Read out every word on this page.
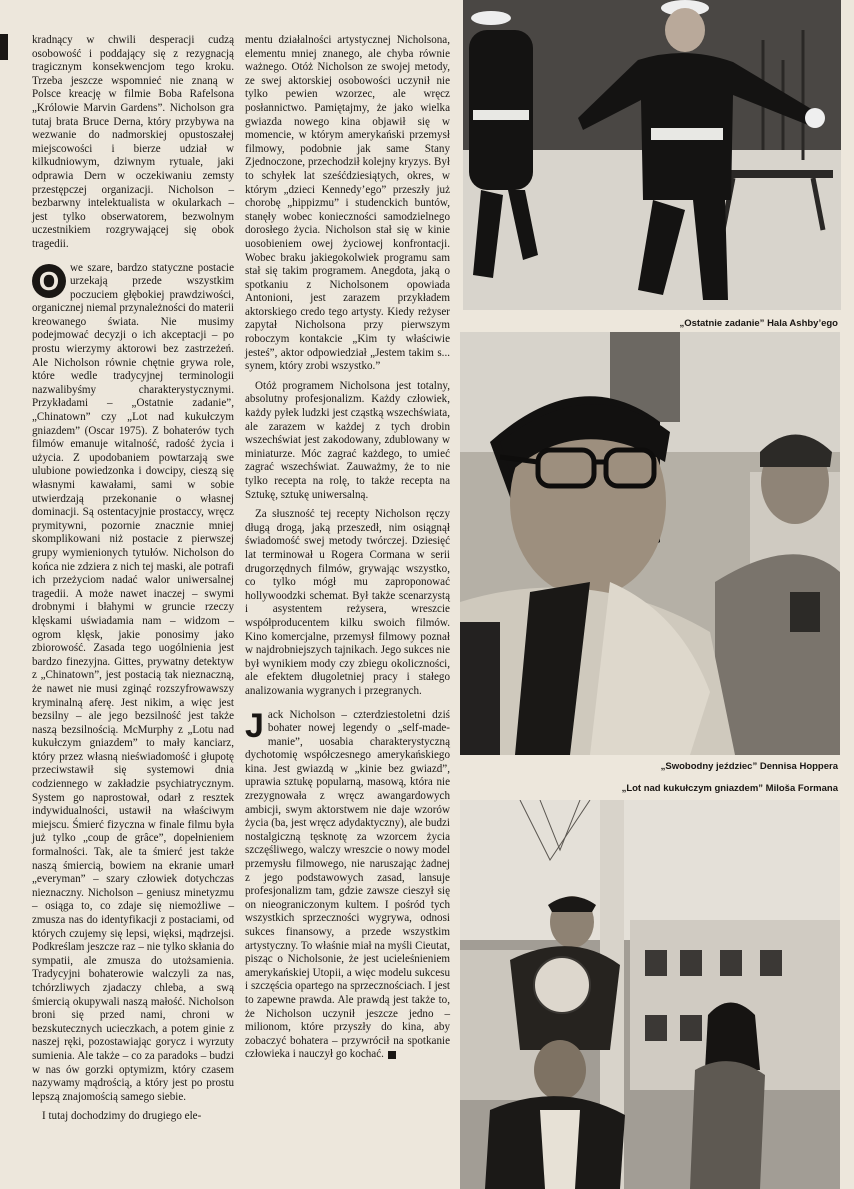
kradnący w chwili desperacji cudzą osobowość i poddający się z rezygnacją tragicznym konsekwencjom tego kroku. Trzeba jeszcze wspomnieć nie znaną w Polsce kreację w filmie Boba Rafelsona „Królowie Marvin Gardens”. Nicholson gra tutaj brata Bruce Derna, który przybywa na wezwanie do nadmorskiej opustoszałej miejscowości i bierze udział w kilkudniowym, dziwnym rytuale, jaki odprawia Dern w oczekiwaniu zemsty przestępczej organizacji. Nicholson – bezbarwny intelektualista w okularkach – jest tylko obserwatorem, bezwolnym uczestnikiem rozgrywającej się obok tragedii.

O we szare, bardzo statyczne postacie urzekają przede wszystkim poczuciem głębokiej prawdziwości, organicznej niemal przynależności do materii kreowanego świata. Nie musimy podejmować decyzji o ich akceptacji – po prostu wierzymy aktorowi bez zastrzeżeń. Ale Nicholson równie chętnie grywa role, które wedle tradycyjnej terminologii nazwalibyśmy charakterystycznymi. Przykładami – „Ostatnie zadanie”, „Chinatown” czy „Lot nad kukułczym gniazdem” (Oscar 1975). Z bohaterów tych filmów emanuje witalność, radość życia i użycia. Z upodobaniem powtarzają swe ulubione powiedzonka i dowcipy, cieszą się własnymi kawałami, sami w sobie utwierdzają przekonanie o własnej dominacji. Są ostentacyjnie prostaccy, wręcz prymitywni, pozornie znacznie mniej skomplikowani niż postacie z pierwszej grupy wymienionych tytułów. Nicholson do końca nie zdziera z nich tej maski, ale potrafi ich przeżyciom nadać walor uniwersalnej tragedii. A może nawet inaczej – swymi drobnymi i błahymi w gruncie rzeczy klęskami uświadamia nam – widzom – ogrom klęsk, jakie ponosimy jako zbiorowość. Zasada tego uogólnienia jest bardzo finezyjna. Gittes, prywatny detektyw z „Chinatown”, jest postacią tak nieznaczną, że nawet nie musi zginąć rozszyfrowawszy kryminalną aferę. Jest nikim, a więc jest bezsilny – ale jego bezsilność jest także naszą bezsilnością. McMurphy z „Lotu nad kukułczym gniazdem” to mały kanciarz, który przez własną nieświadomość i głupotę przeciwstawił się systemowi dnia codziennego w zakładzie psychiatrycznym. System go naprostował, odarł z resztek indywidualności, ustawił na właściwym miejscu. Śmierć fizyczna w finale filmu była już tylko „coup de grâce”, dopełnieniem formalności. Tak, ale ta śmierć jest także naszą śmiercią, bowiem na ekranie umarł „everyman” – szary człowiek dotychczas nieznaczny. Nicholson – geniusz minetyzmu – osiąga to, co zdaje się niemożliwe – zmusza nas do identyfikacji z postaciami, od których czujemy się lepsi, więksi, mądrzejsi. Podkreślam jeszcze raz – nie tylko skłania do sympatii, ale zmusza do utożsamienia. Tradycyjni bohaterowie walczyli za nas, tchórzliwych zjadaczy chleba, a swą śmiercią okupywali naszą małość. Nicholson broni się przed nami, chroni w bezskutecznych ucieczkach, a potem ginie z naszej ręki, pozostawiając gorycz i wyrzuty sumienia. Ale także – co za paradoks – budzi w nas ów gorzki optymizm, który czasem nazywamy mądrością, a który jest po prostu lepszą znajomością samego siebie.

I tutaj dochodzimy do drugiego ele-

mentu działalności artystycznej Nicholsona, elementu mniej znanego, ale chyba równie ważnego. Otóż Nicholson ze swojej metody, ze swej aktorskiej osobowości uczynił nie tylko pewien wzorzec, ale wręcz posłannictwo. Pamiętajmy, że jako wielka gwiazda nowego kina objawił się w momencie, w którym amerykański przemysł filmowy, podobnie jak same Stany Zjednoczone, przechodził kolejny kryzys. Był to schyłek lat sześćdziesiątych, okres, w którym „dzieci Kennedy’ego” przeszły już chorobę „hippizmu” i studenckich buntów, stanęły wobec konieczności samodzielnego dorosłego życia. Nicholson stał się w kinie uosobieniem owej życiowej konfrontacji. Wobec braku jakiegokolwiek programu sam stał się takim programem. Anegdota, jaką o spotkaniu z Nicholsonem opowiada Antonioni, jest zarazem przykładem aktorskiego credo tego artysty. Kiedy reżyser zapytał Nicholsona przy pierwszym roboczym kontakcie „Kim ty właściwie jesteś”, aktor odpowiedział „Jestem takim s... synem, który zrobi wszystko.”

Otóż programem Nicholsona jest totalny, absolutny profesjonalizm. Każdy człowiek, każdy pyłek ludzki jest cząstką wszechświata, ale zarazem w każdej z tych drobin wszechświat jest zakodowany, zdublowany w miniaturze. Móc zagrać każdego, to umieć zagrać wszechświat. Zauważmy, że to nie tylko recepta na rolę, to także recepta na Sztukę, sztukę uniwersalną.

Za słuszność tej recepty Nicholson ręczy długą drogą, jaką przeszedł, nim osiągnął świadomość swej metody twórczej. Dziesięć lat terminował u Rogera Cormana w serii drugorzędnych filmów, grywając wszystko, co tylko mógł mu zaproponować hollywoodzki schemat. Był także scenarzystą i asystentem reżysera, wreszcie współproducentem kilku swoich filmów. Kino komercjalne, przemysł filmowy poznał w najdrobniejszych tajnikach. Jego sukces nie był wynikiem mody czy zbiegu okoliczności, ale efektem długoletniej pracy i stałego analizowania wygranych i przegranych.

Jack Nicholson – czterdziestoletni dziś bohater nowej legendy o „self-made-manie”, uosabia charakterystyczną dychotomię współczesnego amerykańskiego kina. Jest gwiazdą w „kinie bez gwiazd”, uprawia sztukę popularną, masową, która nie zrezygnowała z wręcz awangardowych ambicji, swym aktorstwem nie daje wzorów życia (ba, jest wręcz adydaktyczny), ale budzi nostalgiczną tęsknotę za wzorcem życia szczęśliwego, walczy wreszcie o nowy model przemysłu filmowego, nie naruszając żadnej z jego podstawowych zasad, lansuje profesjonalizm tam, gdzie zawsze cieszył się on nieograniczonym kultem. I pośród tych wszystkich sprzeczności wygrywa, odnosi sukces finansowy, a przede wszystkim artystyczny. To właśnie miał na myśli Cieutat, pisząc o Nicholsonie, że jest ucieleśnieniem amerykańskiej Utopii, a więc modelu sukcesu i szczęścia opartego na sprzecznościach. I jest to zapewne prawda. Ale prawdą jest także to, że Nicholson uczynił jeszcze jedno – milionom, które przyszły do kina, aby zobaczyć bohatera – przywrócił na spotkanie człowieka i nauczył go kochać.

„Ostatnie zadanie” Hala Ashby’ego
„Swobodny jeździec” Dennisa Hoppera
„Lot nad kukułczym gniazdem” Miloša Formana
